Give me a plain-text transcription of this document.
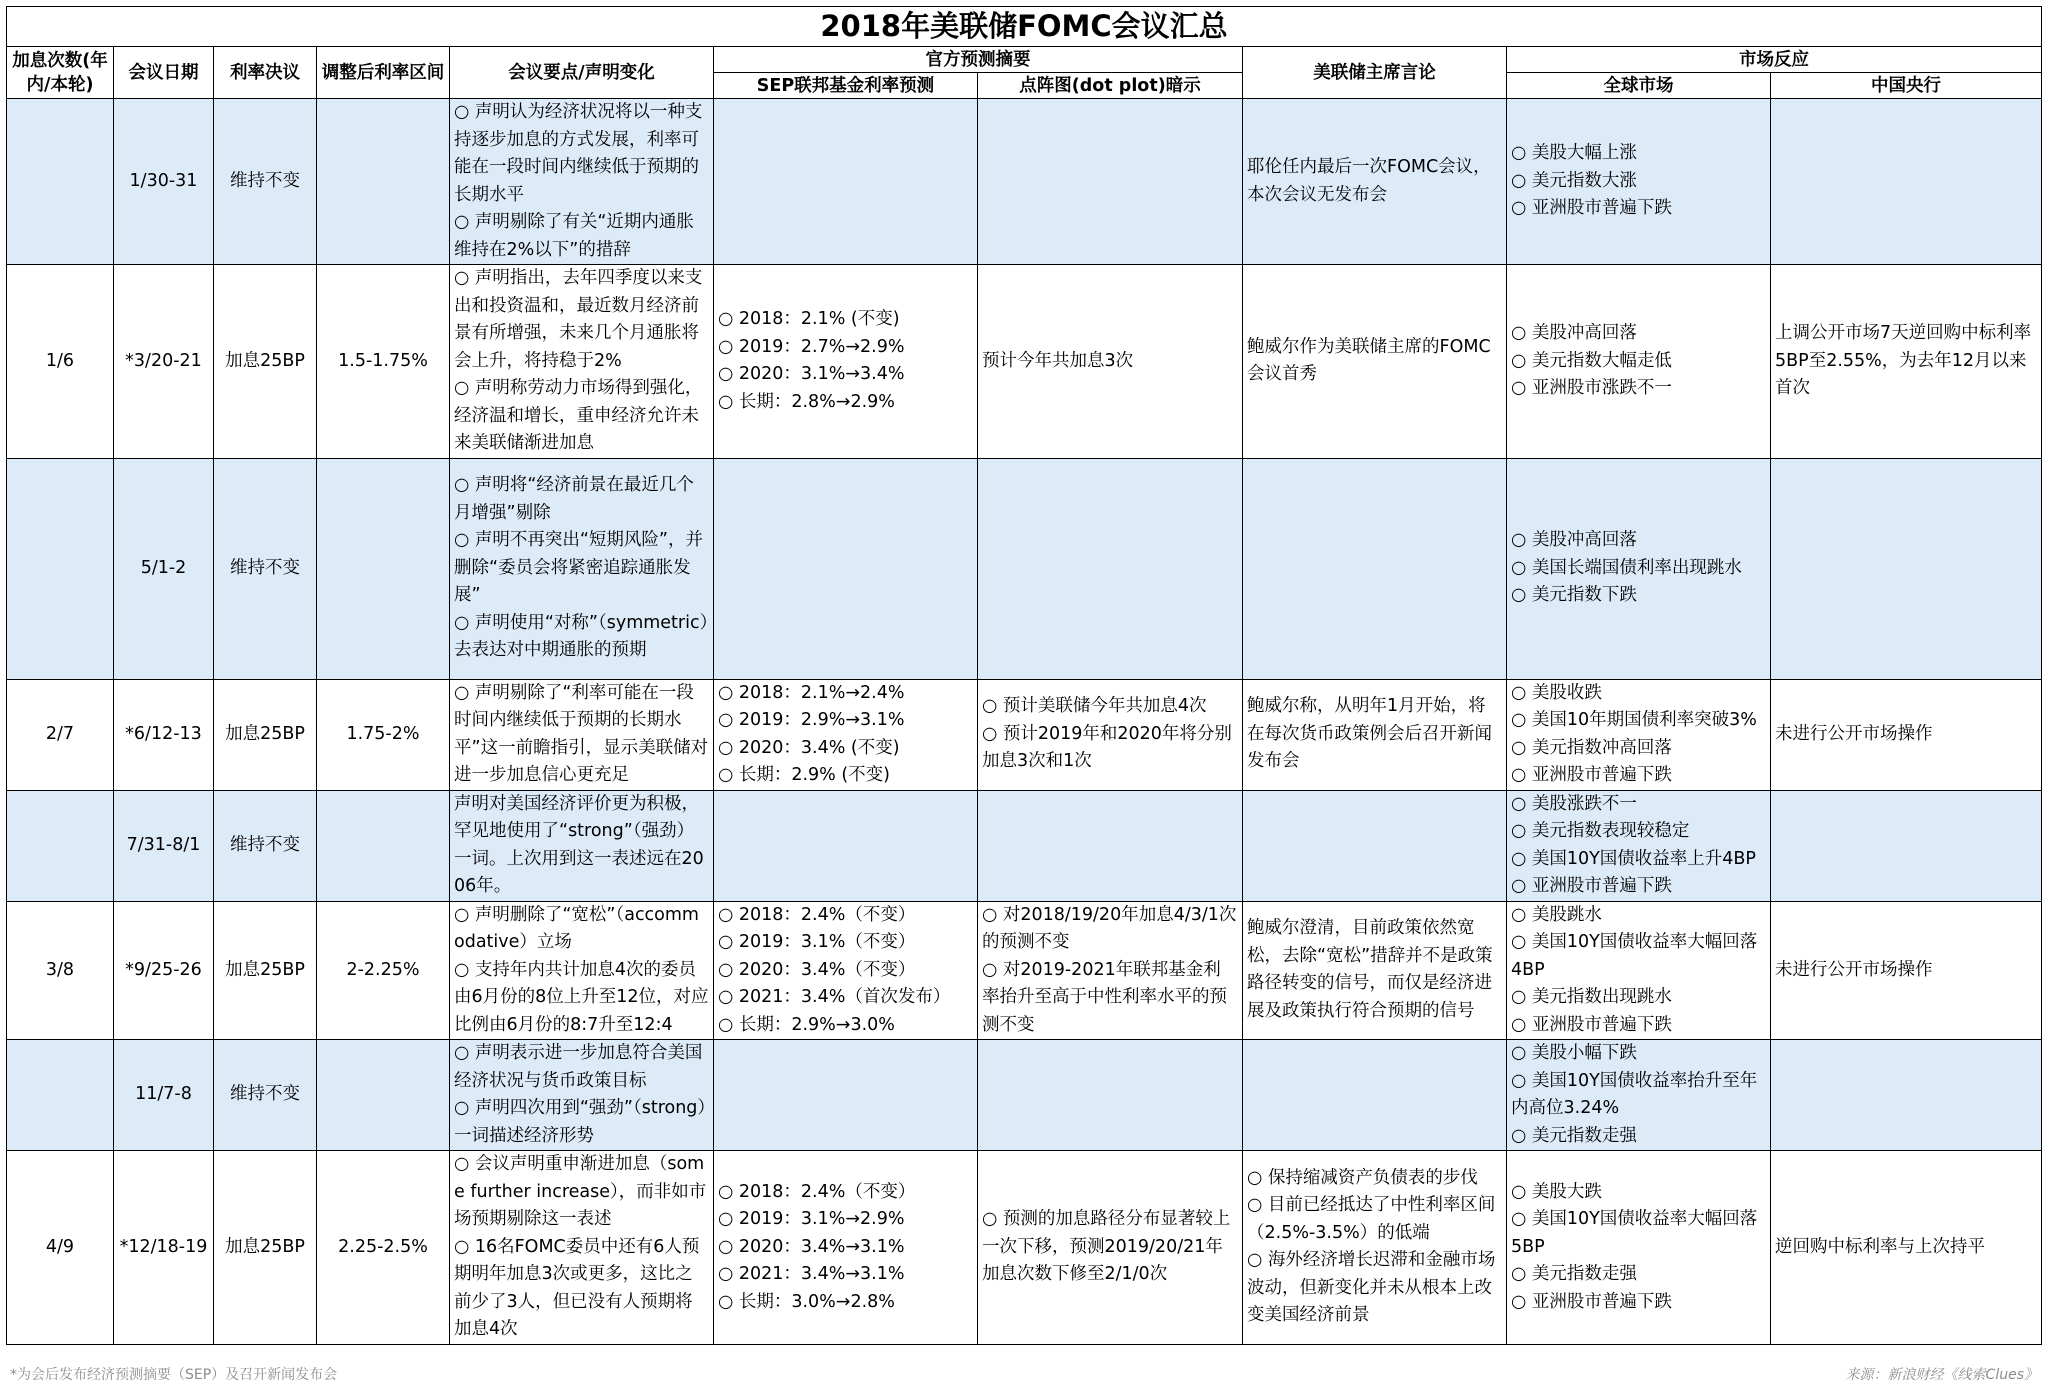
2018年美联储FOMC会议汇总									
加息次数(年内/本轮)	会议日期	利率决议	调整后利率区间	会议要点/声明变化	官方预测摘要		美联储主席言论	市场反应	
					SEP联邦基金利率预测	点阵图(dot plot)暗示		全球市场	中国央行
	1/30-31	维持不变		○ 声明认为经济状况将以一种支持逐步加息的方式发展，利率可能在一段时间内继续低于预期的长期水平
○ 声明剔除了有关“近期内通胀维持在2%以下”的措辞			耶伦任内最后一次FOMC会议，本次会议无发布会	○ 美股大幅上涨
○ 美元指数大涨
○ 亚洲股市普遍下跌	

1/6	*3/20-21	加息25BP	1.5-1.75%	○ 声明指出，去年四季度以来支出和投资温和，最近数月经济前景有所增强，未来几个月通胀将会上升，将持稳于2%
○ 声明称劳动力市场得到强化，经济温和增长，重申经济允许未来美联储渐进加息	○ 2018：2.1% (不变)
○ 2019：2.7%→2.9%
○ 2020：3.1%→3.4%
○ 长期：2.8%→2.9%	预计今年共加息3次	鲍威尔作为美联储主席的FOMC会议首秀	○ 美股冲高回落
○ 美元指数大幅走低
○ 亚洲股市涨跌不一	上调公开市场7天逆回购中标利率5BP至2.55%，为去年12月以来首次
	5/1-2	维持不变		○ 声明将“经济前景在最近几个月增强”剔除
○ 声明不再突出“短期风险”，并删除“委员会将紧密追踪通胀发展”
○ 声明使用“对称”（symmetric）去表达对中期通胀的预期				○ 美股冲高回落
○ 美国长端国债利率出现跳水
○ 美元指数下跌	

2/7	*6/12-13	加息25BP	1.75-2%	○ 声明剔除了“利率可能在一段时间内继续低于预期的长期水平”这一前瞻指引，显示美联储对进一步加息信心更充足	○ 2018：2.1%→2.4%
○ 2019：2.9%→3.1%
○ 2020：3.4% (不变)
○ 长期：2.9% (不变)	○ 预计美联储今年共加息4次
○ 预计2019年和2020年将分别加息3次和1次	鲍威尔称，从明年1月开始，将在每次货币政策例会后召开新闻发布会	○ 美股收跌
○ 美国10年期国债利率突破3%
○ 美元指数冲高回落
○ 亚洲股市普遍下跌	未进行公开市场操作
	7/31-8/1	维持不变		声明对美国经济评价更为积极，罕见地使用了“strong”（强劲）一词。上次用到这一表述远在2006年。				○ 美股涨跌不一
○ 美元指数表现较稳定
○ 美国10Y国债收益率上升4BP
○ 亚洲股市普遍下跌	

3/8	*9/25-26	加息25BP	2-2.25%	○ 声明删除了“宽松”（accommodative）立场
○ 支持年内共计加息4次的委员由6月份的8位上升至12位，对应比例由6月份的8:7升至12:4	○ 2018：2.4%（不变）
○ 2019：3.1%（不变）
○ 2020：3.4%（不变）
○ 2021：3.4%（首次发布）
○ 长期：2.9%→3.0%	○ 对2018/19/20年加息4/3/1次的预测不变
○ 对2019-2021年联邦基金利率抬升至高于中性利率水平的预测不变	鲍威尔澄清，目前政策依然宽松，去除“宽松”措辞并不是政策路径转变的信号，而仅是经济进展及政策执行符合预期的信号	○ 美股跳水
○ 美国10Y国债收益率大幅回落4BP
○ 美元指数出现跳水
○ 亚洲股市普遍下跌	未进行公开市场操作
	11/7-8	维持不变		○ 声明表示进一步加息符合美国经济状况与货币政策目标
○ 声明四次用到“强劲”（strong）一词描述经济形势				○ 美股小幅下跌
○ 美国10Y国债收益率抬升至年内高位3.24%
○ 美元指数走强	

4/9	*12/18-19	加息25BP	2.25-2.5%	○ 会议声明重申渐进加息（some further increase），而非如市场预期剔除这一表述
○ 16名FOMC委员中还有6人预期明年加息3次或更多，这比之前少了3人，但已没有人预期将加息4次	○ 2018：2.4%（不变）
○ 2019：3.1%→2.9%
○ 2020：3.4%→3.1%
○ 2021：3.4%→3.1%
○ 长期：3.0%→2.8%	○ 预测的加息路径分布显著较上一次下移，预测2019/20/21年加息次数下修至2/1/0次	○ 保持缩减资产负债表的步伐
○ 目前已经抵达了中性利率区间（2.5%-3.5%）的低端
○ 海外经济增长迟滞和金融市场波动，但新变化并未从根本上改变美国经济前景	○ 美股大跌
○ 美国10Y国债收益率大幅回落5BP
○ 美元指数走强
○ 亚洲股市普遍下跌	逆回购中标利率与上次持平
*为会后发布经济预测摘要（SEP）及召开新闻发布会	来源：新浪财经《线索Clues》
